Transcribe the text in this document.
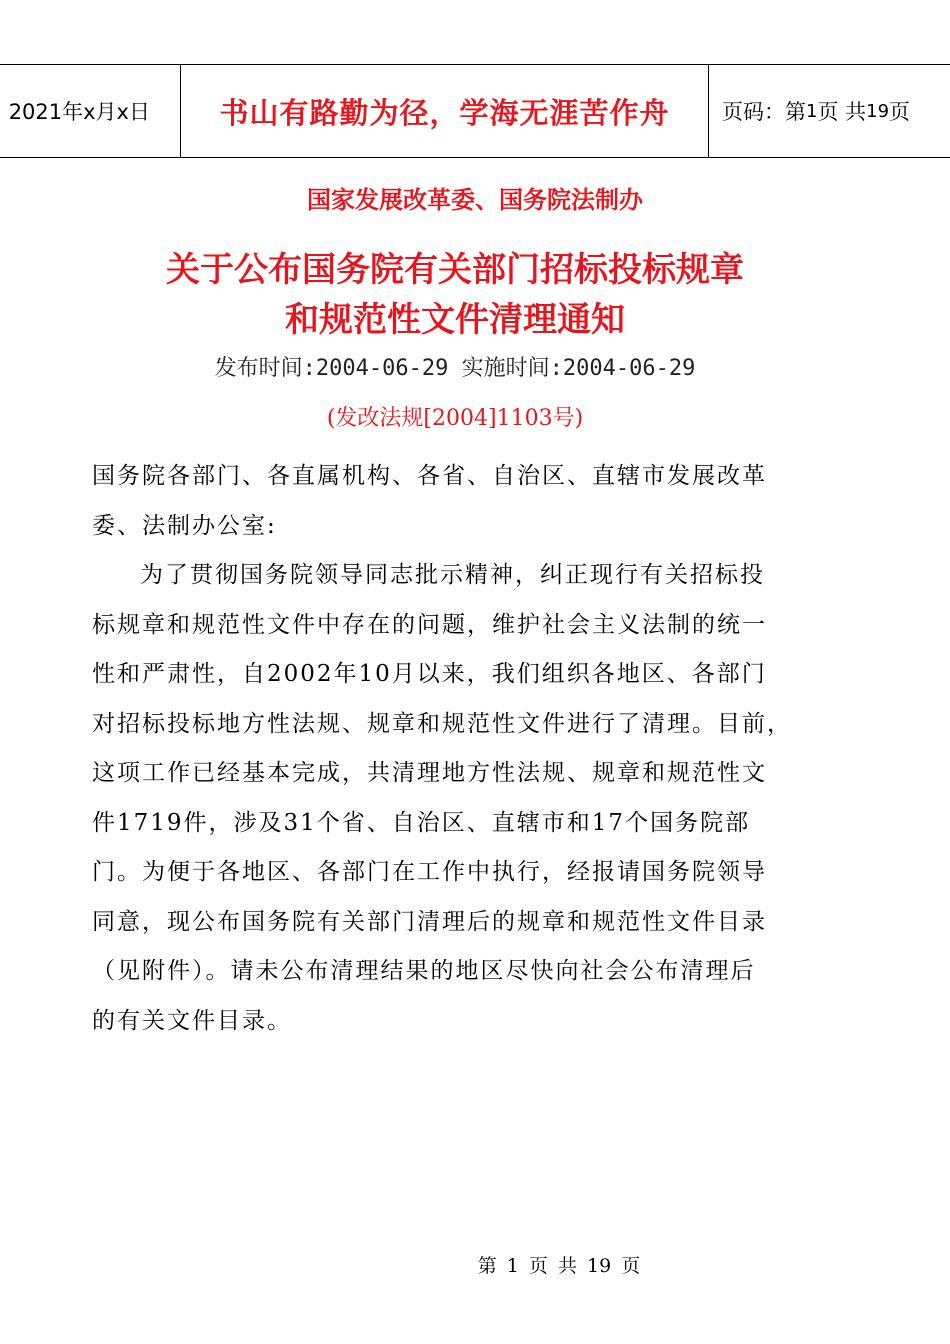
2021年x月x日 书山有路勤为径，学海无涯苦作舟	页码：第 1 页 共 19 页
国家发展改革委、国务院法制办
关于公布国务院有关部门招标投标规章
和规范性文件清理通知
发布时间:2004-06-29 实施时间:2004-06-29
(发改法规[2004]1103号)
国务院各部门、各直属机构、各省、自治区、直辖市发展改革
委、法制办公室:
为了贯彻国务院领导同志批示精神，纠正现行有关招标投
标规章和规范性文件中存在的问题，维护社会主义法制的统一
性和严肃性，自2002年10月以来，我们组织各地区、各部门
对招标投标地方性法规、规章和规范性文件进行了清理。目前，
这项工作已经基本完成，共清理地方性法规、规章和规范性文
件1719件，涉及31个省、自治区、直辖市和17个国务院部
门。为便于各地区、各部门在工作中执行，经报请国务院领导
同意，现公布国务院有关部门清理后的规章和规范性文件目录
（见附件）。请未公布清理结果的地区尽快向社会公布清理后
的有关文件目录。
第 1 页 共 19 页
